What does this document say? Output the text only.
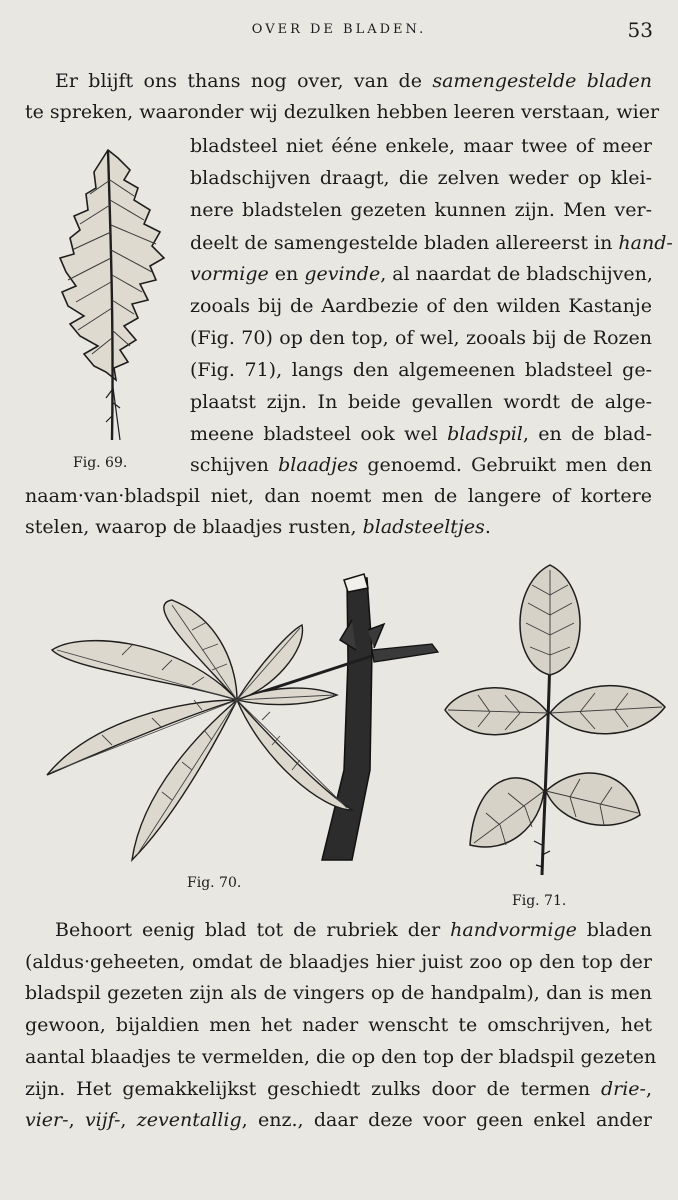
OVER DE BLADEN.	53
Er blijft ons thans nog over, van de samengestelde bladen
te spreken, waaronder wij dezulken hebben leeren verstaan, wier
bladsteel niet ééne enkele, maar twee of meer
bladschijven draagt, die zelven weder op klei-
nere bladstelen gezeten kunnen zijn. Men ver-
deelt de samengestelde bladen allereerst in hand-
vormige en gevinde, al naardat de bladschijven,
zooals bij de Aardbezie of den wilden Kastanje
(Fig. 70) op den top, of wel, zooals bij de Rozen
(Fig. 71), langs den algemeenen bladsteel ge-
plaatst zijn. In beide gevallen wordt de alge-
meene bladsteel ook wel bladspil, en de blad-
schijven blaadjes genoemd. Gebruikt men den
naam·van·bladspil niet, dan noemt men de langere of kortere
stelen, waarop de blaadjes rusten, bladsteeltjes.
Fig. 69.
Fig. 70.
Fig. 71.
Behoort eenig blad tot de rubriek der handvormige bladen
(aldus·geheeten, omdat de blaadjes hier juist zoo op den top der
bladspil gezeten zijn als de vingers op de handpalm), dan is men
gewoon, bijaldien men het nader wenscht te omschrijven, het
aantal blaadjes te vermelden, die op den top der bladspil gezeten
zijn. Het gemakkelijkst geschiedt zulks door de termen drie-,
vier-, vijf-, zeventallig, enz., daar deze voor geen enkel ander
